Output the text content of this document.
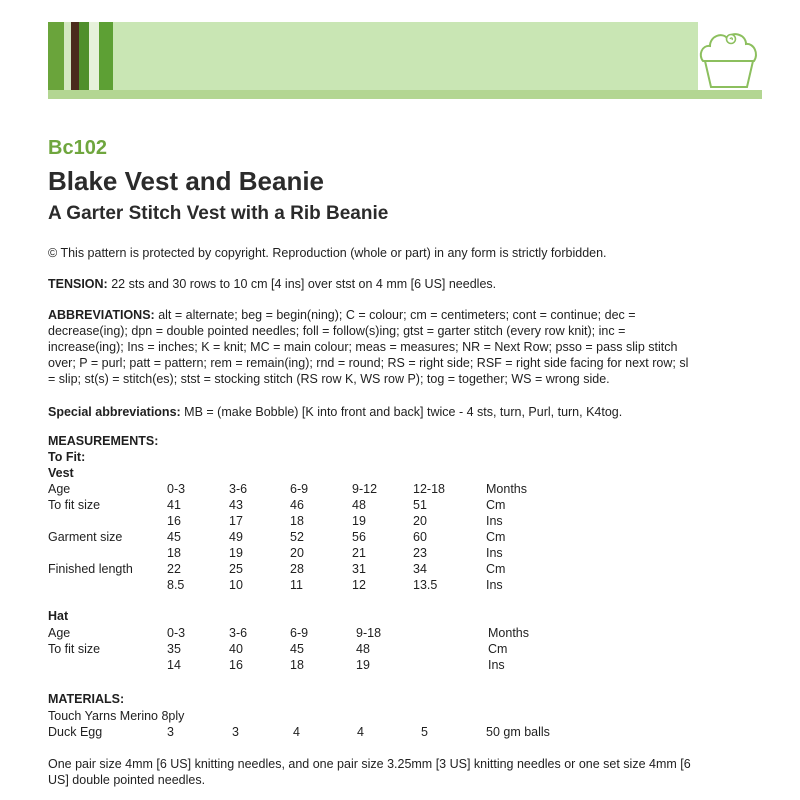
Bc102
Blake Vest and Beanie
A Garter Stitch Vest with a Rib Beanie
© This pattern is protected by copyright. Reproduction (whole or part) in any form is strictly forbidden.
TENSION: 22 sts and 30 rows to 10 cm [4 ins] over stst on 4 mm [6 US] needles.
ABBREVIATIONS: alt = alternate; beg = begin(ning); C = colour; cm = centimeters; cont = continue; dec =
decrease(ing); dpn = double pointed needles; foll = follow(s)ing; gtst = garter stitch (every row knit); inc =
increase(ing); Ins = inches; K = knit; MC = main colour; meas = measures; NR = Next Row; psso = pass slip stitch
over; P = purl; patt = pattern; rem = remain(ing); rnd = round; RS = right side; RSF = right side facing for next row; sl
= slip; st(s) = stitch(es); stst = stocking stitch (RS row K, WS row P); tog = together; WS = wrong side.
Special abbreviations: MB = (make Bobble) [K into front and back] twice - 4 sts, turn, Purl, turn, K4tog.
MEASUREMENTS:
To Fit:
Vest
Age	0-3	3-6	6-9	9-12	12-18	Months
To fit size	41	43	46	48	51	Cm
16	17	18	19	20	Ins
Garment size	45	49	52	56	60	Cm
18	19	20	21	23	Ins
Finished length	22	25	28	31	34	Cm
8.5	10	11	12	13.5	Ins
Hat
Age	0-3	3-6	6-9	9-18	Months
To fit size	35	40	45	48	Cm
14	16	18	19	Ins
MATERIALS:
Touch Yarns Merino 8ply
Duck Egg	3	3	4	4	5	50 gm balls
One pair size 4mm [6 US] knitting needles, and one pair size 3.25mm [3 US] knitting needles or one set size 4mm [6
US] double pointed needles.
